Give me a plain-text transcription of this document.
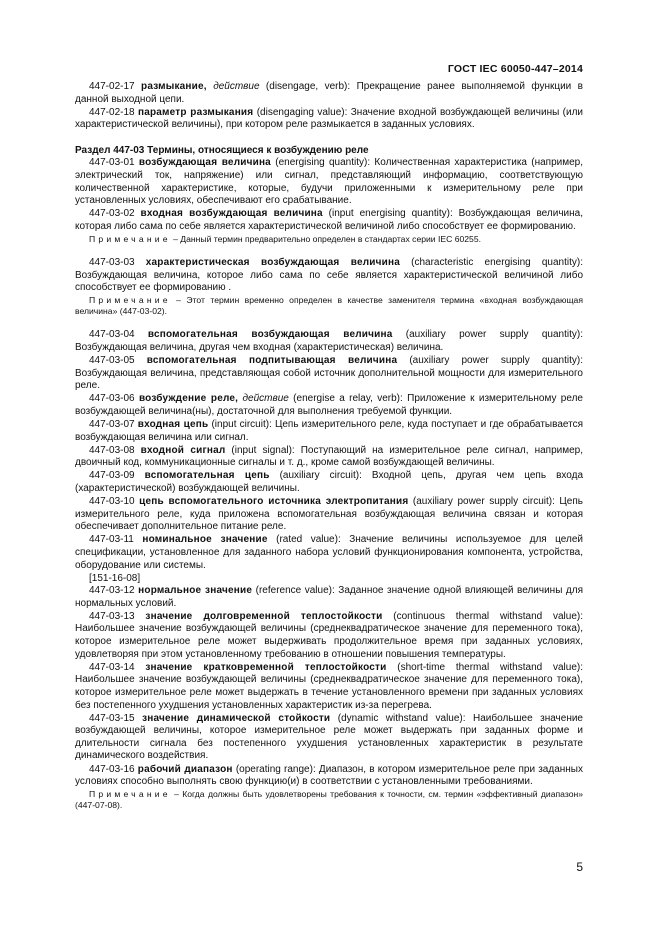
ГОСТ IEC 60050-447–2014

447-02-17 размыкание, действие (disengage, verb): Прекращение ранее выполняемой функции в данной выходной цепи.

447-02-18 параметр размыкания (disengaging value): Значение входной возбуждающей величины (или характеристической величины), при котором реле размыкается в заданных условиях.

Раздел 447-03 Термины, относящиеся к возбуждению реле

447-03-01 возбуждающая величина (energising quantity): Количественная характеристика (например, электрический ток, напряжение) или сигнал, представляющий информацию, соответствующую количественной характеристике, которые, будучи приложенными к измерительному реле при установленных условиях, обеспечивают его срабатывание.

447-03-02 входная возбуждающая величина (input energising quantity): Возбуждающая величина, которая либо сама по себе является характеристической величиной либо способствует ее формированию.

Примечание – Данный термин предварительно определен в стандартах серии IEC 60255.

447-03-03 характеристическая возбуждающая величина (characteristic energising quantity): Возбуждающая величина, которое либо сама по себе является характеристической величиной либо способствует ее формированию .

Примечание – Этот термин временно определен в качестве заменителя термина «входная возбуждающая величина» (447-03-02).

447-03-04 вспомогательная возбуждающая величина (auxiliary power supply quantity): Возбуждающая величина, другая чем входная (характеристическая) величина.

447-03-05 вспомогательная подпитывающая величина (auxiliary power supply quantity): Возбуждающая величина, представляющая собой источник дополнительной мощности для измерительного реле.

447-03-06 возбуждение реле, действие (energise a relay, verb): Приложение к измерительному реле возбуждающей величина(ны), достаточной для выполнения требуемой функции.

447-03-07 входная цепь (input circuit): Цепь измерительного реле, куда поступает и где обрабатывается возбуждающая величина или сигнал.

447-03-08 входной сигнал (input signal): Поступающий на измерительное реле сигнал, например, двоичный код, коммуникационные сигналы и т. д., кроме самой возбуждающей величины.

447-03-09 вспомогательная цепь (auxiliary circuit): Входной цепь, другая чем цепь входа (характеристической) возбуждающей величины.

447-03-10 цепь вспомогательного источника электропитания (auxiliary power supply circuit): Цепь измерительного реле, куда приложена вспомогательная возбуждающая величина связан и которая обеспечивает дополнительное питание реле.

447-03-11 номинальное значение (rated value): Значение величины используемое для целей спецификации, установленное для заданного набора условий функционирования компонента, устройства, оборудование или системы.

[151-16-08]

447-03-12 нормальное значение (reference value): Заданное значение одной влияющей величины для нормальных условий.

447-03-13 значение долговременной теплостойкости (continuous thermal withstand value): Наибольшее значение возбуждающей величины (среднеквадратическое значение для переменного тока), которое измерительное реле может выдерживать продолжительное время при заданных условиях, удовлетворяя при этом установленному требованию в отношении повышения температуры.

447-03-14 значение кратковременной теплостойкости (short-time thermal withstand value): Наибольшее значение возбуждающей величины (среднеквадратическое значение для переменного тока), которое измерительное реле может выдержать в течение установленного времени при заданных условиях без постепенного ухудшения установленных характеристик из-за перегрева.

447-03-15 значение динамической стойкости (dynamic withstand value): Наибольшее значение возбуждающей величины, которое измерительное реле может выдержать при заданных форме и длительности сигнала без постепенного ухудшения установленных характеристик в результате динамического воздействия.

447-03-16 рабочий диапазон (operating range): Диапазон, в котором измерительное реле при заданных условиях способно выполнять свою функцию(и) в соответствии с установленными требованиями.

Примечание – Когда должны быть удовлетворены требования к точности, см. термин «эффективный диапазон» (447-07-08).

5
